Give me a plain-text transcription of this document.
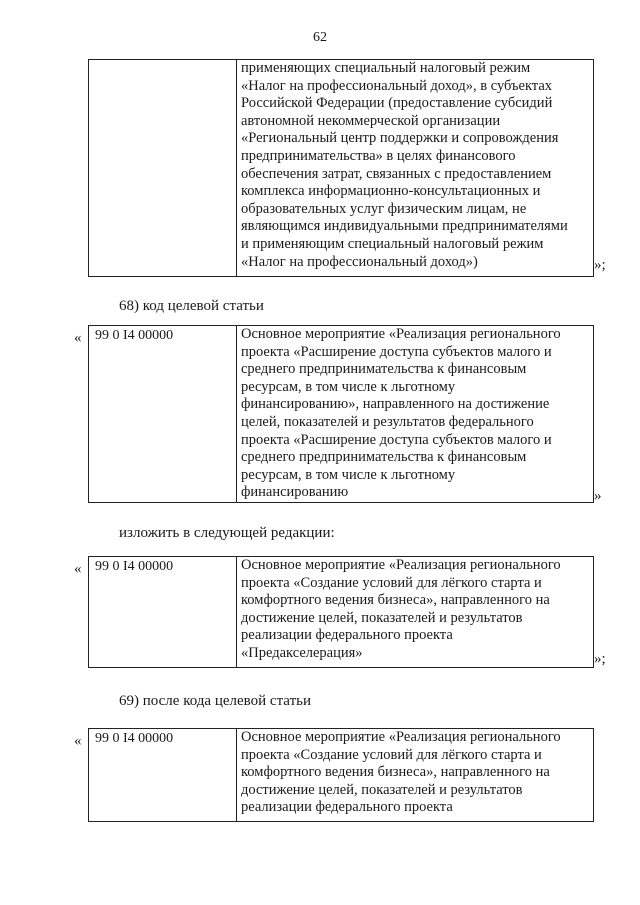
62

применяющих специальный налоговый режим

«Налог на профессиональный доход», в субъектах

Российской Федерации (предоставление субсидий

автономной некоммерческой организации

«Региональный центр поддержки и сопровождения

предпринимательства» в целях финансового

обеспечения затрат, связанных с предоставлением

комплекса информационно-консультационных и

образовательных услуг физическим лицам, не

являющимся индивидуальными предпринимателями

и применяющим специальный налоговый режим

«Налог на профессиональный доход»)	»;
68) код целевой статьи
« 99 0 I4 00000	Основное мероприятие «Реализация регионального

проекта «Расширение доступа субъектов малого и

среднего предпринимательства к финансовым

ресурсам, в том числе к льготному

финансированию», направленного на достижение

целей, показателей и результатов федерального

проекта «Расширение доступа субъектов малого и

среднего предпринимательства к финансовым

ресурсам, в том числе к льготному

финансированию	»
изложить в следующей редакции:
« 99 0 I4 00000	Основное мероприятие «Реализация регионального

проекта «Создание условий для лёгкого старта и

комфортного ведения бизнеса», направленного на

достижение целей, показателей и результатов

реализации федерального проекта

«Предакселерация»	»;
69) после кода целевой статьи
« 99 0 I4 00000	Основное мероприятие «Реализация регионального

проекта «Создание условий для лёгкого старта и

комфортного ведения бизнеса», направленного на

достижение целей, показателей и результатов

реализации федерального проекта
